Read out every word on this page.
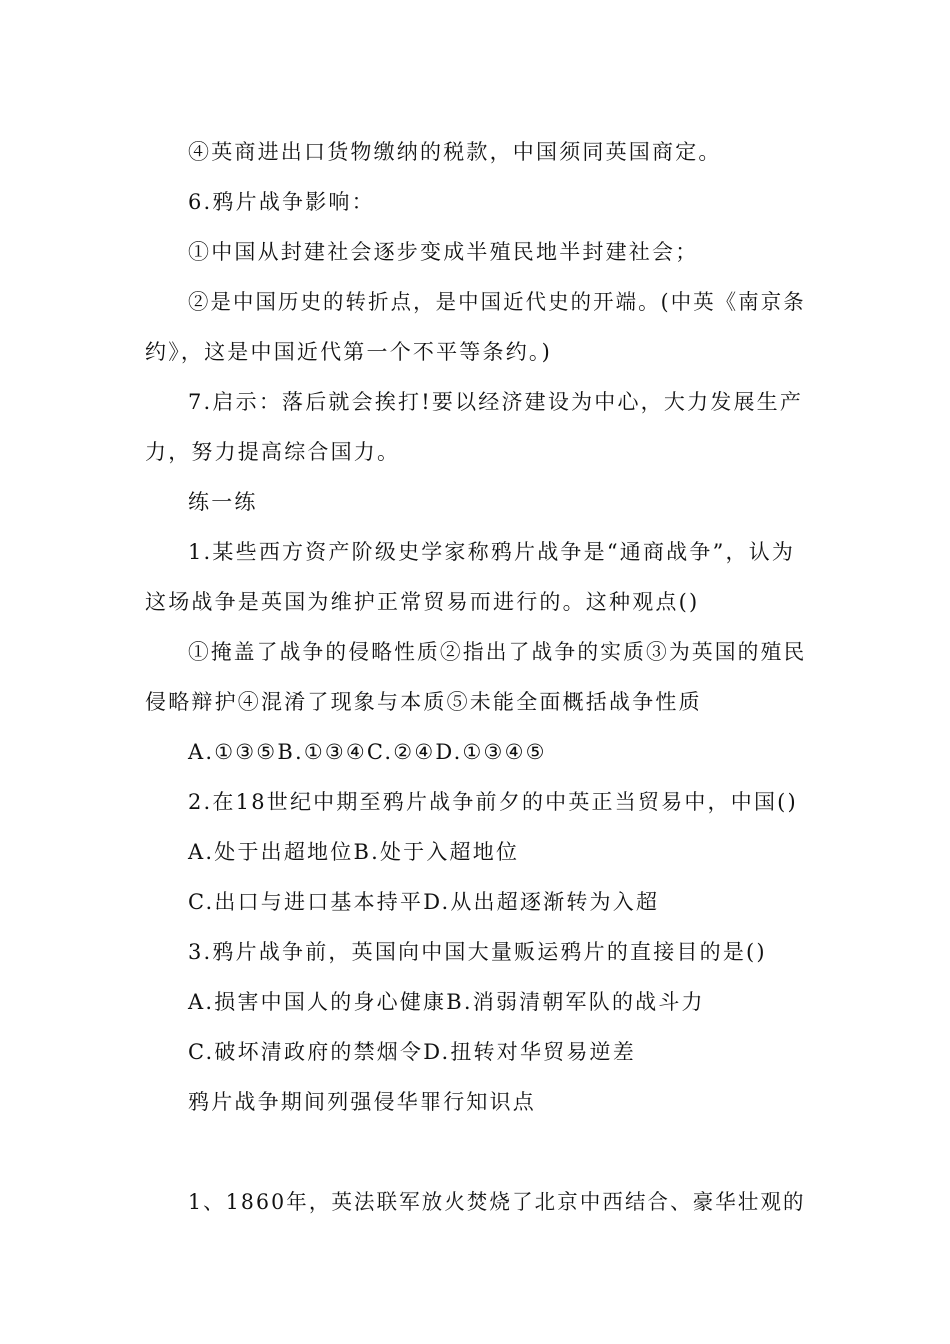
④英商进出口货物缴纳的税款，中国须同英国商定。
6.鸦片战争影响：
①中国从封建社会逐步变成半殖民地半封建社会；
②是中国历史的转折点，是中国近代史的开端。(中英《南京条
约》，这是中国近代第一个不平等条约。)
7.启示：落后就会挨打!要以经济建设为中心，大力发展生产
力，努力提高综合国力。
练一练
1.某些西方资产阶级史学家称鸦片战争是“通商战争”，认为
这场战争是英国为维护正常贸易而进行的。这种观点()
①掩盖了战争的侵略性质②指出了战争的实质③为英国的殖民
侵略辩护④混淆了现象与本质⑤未能全面概括战争性质
A.①③⑤B.①③④C.②④D.①③④⑤
2.在18世纪中期至鸦片战争前夕的中英正当贸易中，中国()
A.处于出超地位B.处于入超地位
C.出口与进口基本持平D.从出超逐渐转为入超
3.鸦片战争前，英国向中国大量贩运鸦片的直接目的是()
A.损害中国人的身心健康B.消弱清朝军队的战斗力
C.破坏清政府的禁烟令D.扭转对华贸易逆差
鸦片战争期间列强侵华罪行知识点
1、1860年，英法联军放火焚烧了北京中西结合、豪华壮观的
